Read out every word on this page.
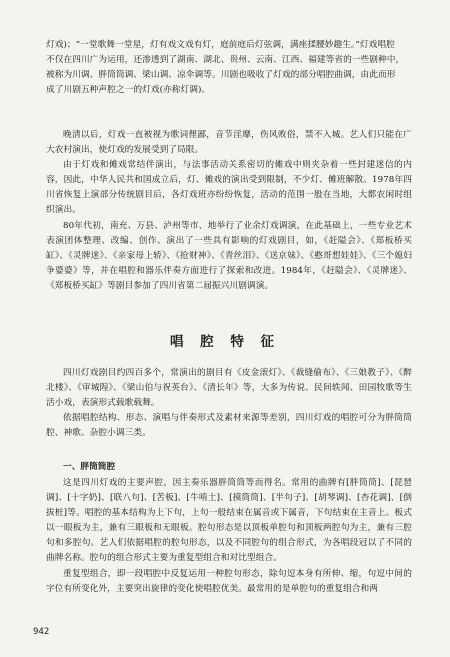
灯戏)；“一堂歌舞一堂星，灯有戏文戏有灯，庭前庭后灯弦调，满座揉腰妙趣生。”灯戏唱腔

不仅在四川广为运用，还渗透到了湖南、湖北、贵州、云南、江西、福建等省的一些剧种中，

被称为川调、胖筒筒调、梁山调、凉伞调等。川剧也吸收了灯戏的部分唱腔曲调，由此而形

成了川剧五种声腔之一的灯戏(亦称灯调)。

晚清以后，灯戏一直被视为歌词俚鄙，音节淫靡，伤风败俗，禁不入城。艺人们只能在广大农村演出，使灯戏的发展受到了局限。

由于灯戏和傩戏常结伴演出，与法事活动关系密切的傩戏中则夹杂着一些封建迷信的内容，因此，中华人民共和国成立后，灯、傩戏的演出受到限制，不少灯、傩班解散。1978年四川省恢复上演部分传统剧目后，各灯戏班亦纷纷恢复，活动的范围一般在当地，大都农闲时组织演出。

80年代初，南充、万县、泸州等市、地举行了业余灯戏调演，在此基础上，一些专业艺术表演团体整理、改编、创作、演出了一些具有影响的灯戏剧目，如，《赶隘会》、《郑板桥买缸》、《灵牌迷》、《亲家母上轿》、《抢财神》、《青丝泪》、《送京妹》、《憨哥想娃娃》、《三个媳妇争婆婆》等，并在唱腔和器乐伴奏方面进行了探索和改进。1984年，《赶隘会》、《灵牌迷》、《郑板桥买缸》等剧目参加了四川省第二届振兴川剧调演。

唱 腔 特 征

四川灯戏剧目约四百多个，常演出的剧目有《皮金滚灯》、《裁缝偷布》、《三娘教子》、《醉北楼》、《审城隍》、《梁山伯与祝英台》、《清长年》等，大多为传说、民间轶闻、田园牧歌等生活小戏，表演形式载歌载舞。

依据唱腔结构、形态、演唱与伴奏形式及素材来源等差别，四川灯戏的唱腔可分为胖筒筒腔、神歌、杂腔小调三类。

一、胖筒筒腔

这是四川灯戏的主要声腔，因主奏乐器胖筒筒等而得名。常用的曲牌有[胖筒筒]、[琵琶调]、[十字奶]、[联八句]、[苦板]、[牛啃土]、[摸筒筒]、[半句子]、[胡琴调]、[杏花调]、[倒拔桩]等。唱腔的基本结构为上下句，上句一般结束在属音或下属音，下句结束在主音上。板式以一眼板为主，兼有三眼板和无眼板。腔句形态是以顶板单腔句和顶板两腔句为主，兼有三腔句和多腔句。艺人们依据唱腔的腔句形态，以及不同腔句的组合形式，为各唱段冠以了不同的曲牌名称。腔句的组合形式主要为重复型组合和对比型组合。

重复型组合，即一段唱腔中反复运用一种腔句形态，除句逗本身有所伸、缩，句逗中间的字位有所变化外，主要突出旋律的变化使唱腔优美。最常用的是单腔句的重复组合和两

942
